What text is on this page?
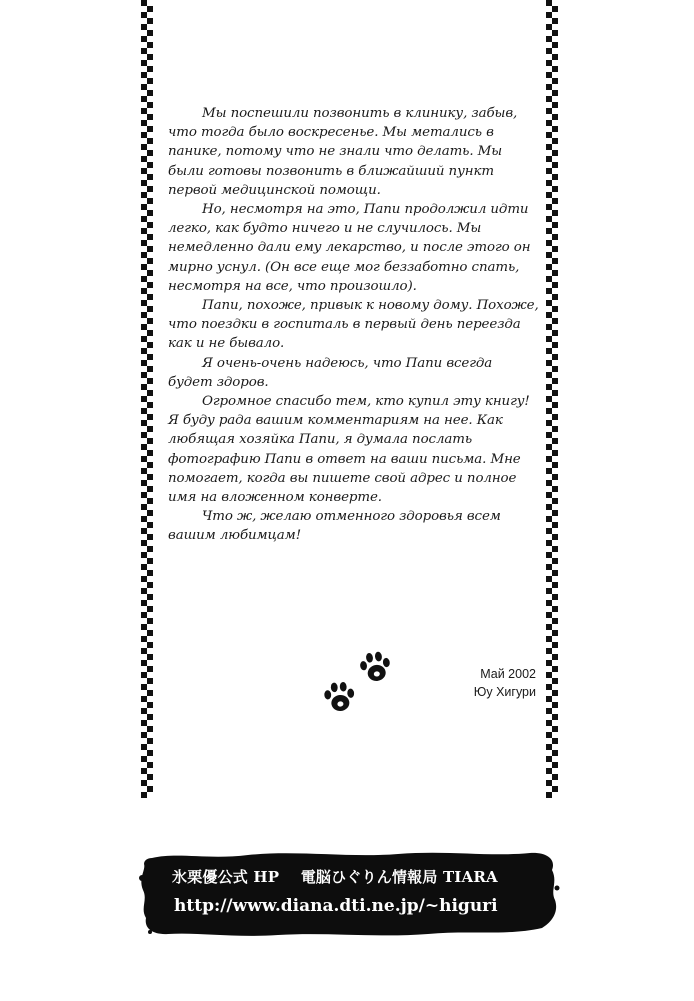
Мы поспешили позвонить в клинику, забыв, что тогда было воскресенье. Мы метались в панике, потому что не знали что делать. Мы были готовы позвонить в ближайший пункт первой медицинской помощи.

Но, несмотря на это, Папи продолжил идти легко, как будто ничего и не случилось. Мы немедленно дали ему лекарство, и после этого он мирно уснул. (Он все еще мог беззаботно спать, несмотря на все, что произошло).

Папи, похоже, привык к новому дому. Похоже, что поездки в госпиталь в первый день переезда как и не бывало.

Я очень-очень надеюсь, что Папи всегда будет здоров.

Огромное спасибо тем, кто купил эту книгу! Я буду рада вашим комментариям на нее. Как любящая хозяйка Папи, я думала послать фотографию Папи в ответ на ваши письма. Мне помогает, когда вы пишете свой адрес и полное имя на вложенном конверте.

Что ж, желаю отменного здоровья всем вашим любимцам!

Май 2002
Юу Хигури
氷栗優公式 HP 電脳ひぐりん情報局 TIARA
http://www.diana.dti.ne.jp/~higuri
